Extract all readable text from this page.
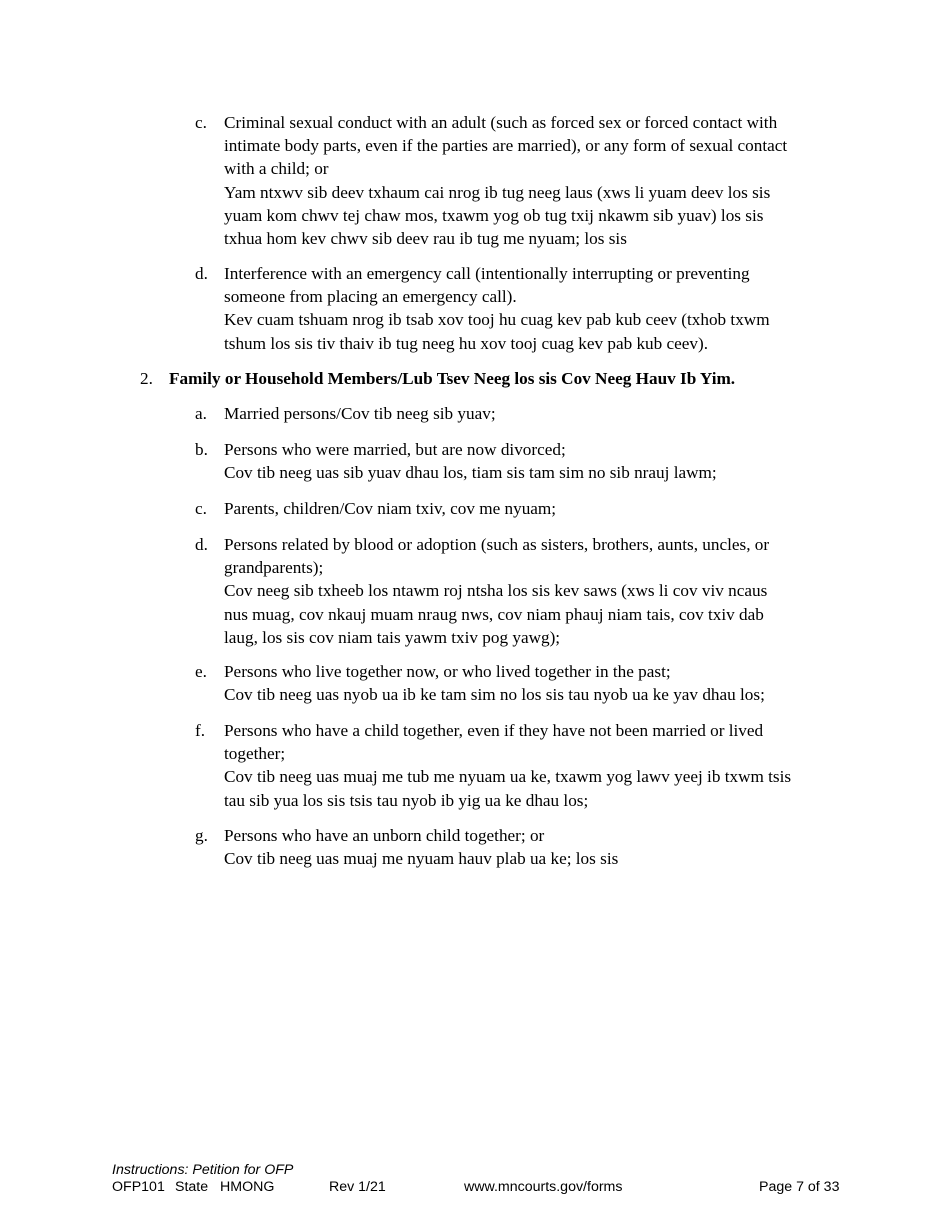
c. Criminal sexual conduct with an adult (such as forced sex or forced contact with
intimate body parts, even if the parties are married), or any form of sexual contact
with a child; or
Yam ntxwv sib deev txhaum cai nrog ib tug neeg laus (xws li yuam deev los sis
yuam kom chwv tej chaw mos, txawm yog ob tug txij nkawm sib yuav) los sis
txhua hom kev chwv sib deev rau ib tug me nyuam; los sis
d. Interference with an emergency call (intentionally interrupting or preventing
someone from placing an emergency call).
Kev cuam tshuam nrog ib tsab xov tooj hu cuag kev pab kub ceev (txhob txwm
tshum los sis tiv thaiv ib tug neeg hu xov tooj cuag kev pab kub ceev).
2. Family or Household Members/Lub Tsev Neeg los sis Cov Neeg Hauv Ib Yim.
a. Married persons/Cov tib neeg sib yuav;
b. Persons who were married, but are now divorced;
Cov tib neeg uas sib yuav dhau los, tiam sis tam sim no sib nrauj lawm;
c. Parents, children/Cov niam txiv, cov me nyuam;
d. Persons related by blood or adoption (such as sisters, brothers, aunts, uncles, or
grandparents);
Cov neeg sib txheeb los ntawm roj ntsha los sis kev saws (xws li cov viv ncaus
nus muag, cov nkauj muam nraug nws, cov niam phauj niam tais, cov txiv dab
laug, los sis cov niam tais yawm txiv pog yawg);
e. Persons who live together now, or who lived together in the past;
Cov tib neeg uas nyob ua ib ke tam sim no los sis tau nyob ua ke yav dhau los;
f. Persons who have a child together, even if they have not been married or lived
together;
Cov tib neeg uas muaj me tub me nyuam ua ke, txawm yog lawv yeej ib txwm tsis
tau sib yua los sis tsis tau nyob ib yig ua ke dhau los;
g. Persons who have an unborn child together; or
Cov tib neeg uas muaj me nyuam hauv plab ua ke; los sis
Instructions: Petition for OFP
OFP101 State HMONG	Rev 1/21	www.mncourts.gov/forms	Page 7 of 33
